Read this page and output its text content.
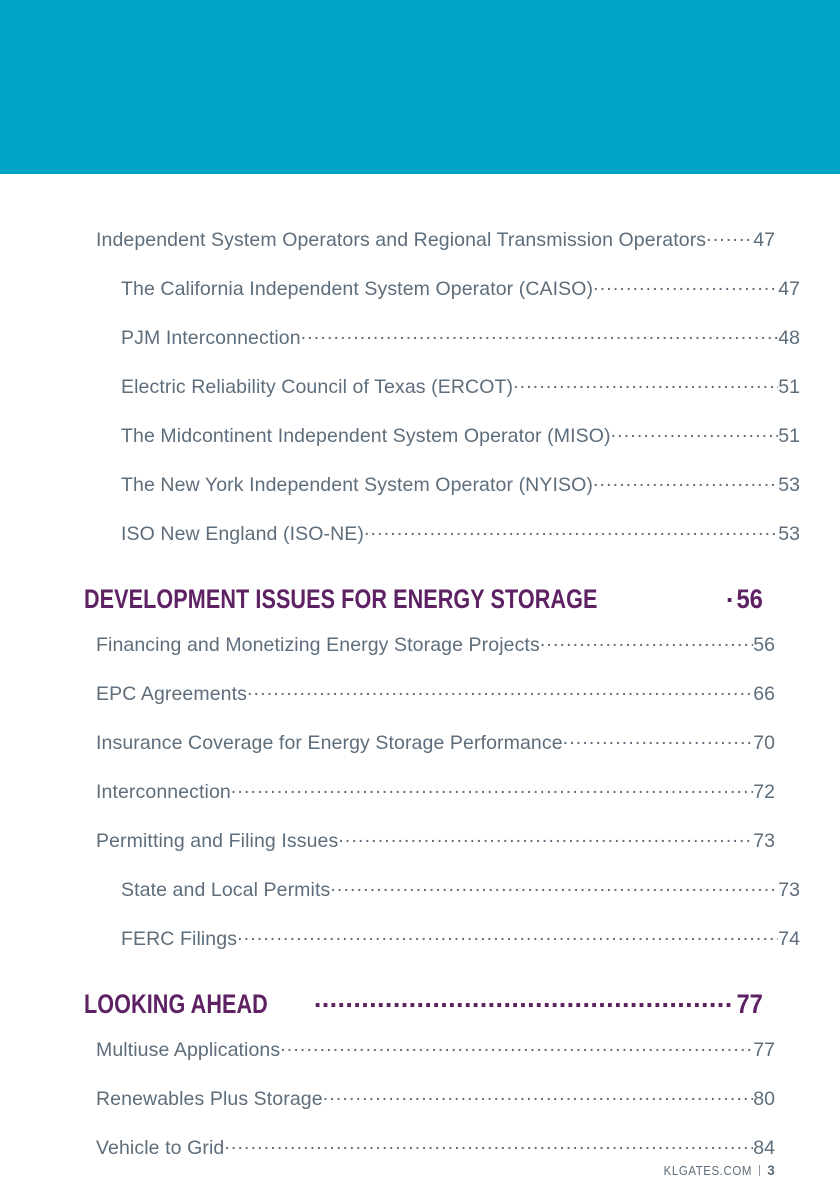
Independent System Operators and Regional Transmission Operators ..... 47
The California Independent System Operator (CAISO) .....	47
PJM Interconnection .....	48
Electric Reliability Council of Texas (ERCOT) .....	51
The Midcontinent Independent System Operator (MISO) .....	51
The New York Independent System Operator (NYISO) .....	53
ISO New England (ISO-NE) .....	53
DEVELOPMENT ISSUES FOR ENERGY STORAGE .....	56
Financing and Monetizing Energy Storage Projects .....	56
EPC Agreements .....	66
Insurance Coverage for Energy Storage Performance .....	70
Interconnection .....	72
Permitting and Filing Issues .....	73
State and Local Permits .....	73
FERC Filings .....	74
LOOKING AHEAD .....	77
Multiuse Applications .....	77
Renewables Plus Storage .....	80
Vehicle to Grid .....	84
KLGATES.COM 3
